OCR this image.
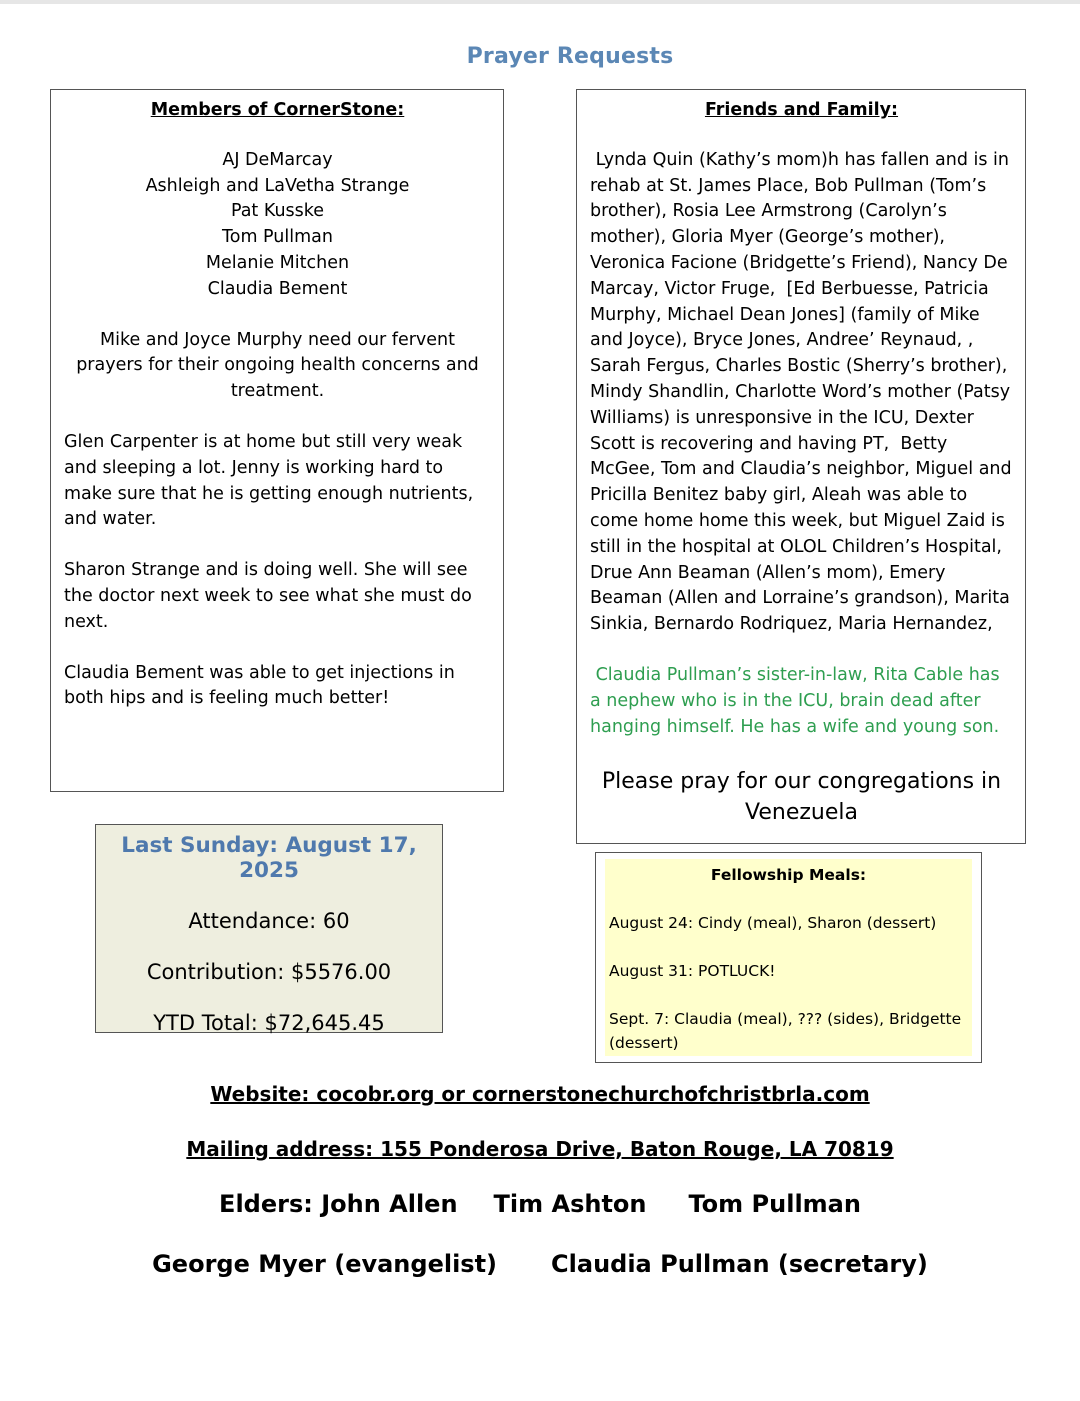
Prayer Requests
Members of CornerStone:
AJ DeMarcay
Ashleigh and LaVetha Strange
Pat Kusske
Tom Pullman
Melanie Mitchen
Claudia Bement
Mike and Joyce Murphy need our fervent prayers for their ongoing health concerns and treatment.
Glen Carpenter is at home but still very weak and sleeping a lot. Jenny is working hard to make sure that he is getting enough nutrients, and water.
Sharon Strange and is doing well. She will see the doctor next week to see what she must do next.
Claudia Bement was able to get injections in both hips and is feeling much better!
Friends and Family:
Lynda Quin (Kathy’s mom)h has fallen and is in rehab at St. James Place, Bob Pullman (Tom’s brother), Rosia Lee Armstrong (Carolyn’s mother), Gloria Myer (George’s mother), Veronica Facione (Bridgette’s Friend), Nancy De Marcay, Victor Fruge,  [Ed Berbuesse, Patricia Murphy, Michael Dean Jones] (family of Mike and Joyce), Bryce Jones, Andree’ Reynaud, , Sarah Fergus, Charles Bostic (Sherry’s brother), Mindy Shandlin, Charlotte Word’s mother (Patsy Williams) is unresponsive in the ICU, Dexter Scott is recovering and having PT,  Betty McGee, Tom and Claudia’s neighbor, Miguel and Pricilla Benitez baby girl, Aleah was able to come home home this week, but Miguel Zaid is still in the hospital at OLOL Children’s Hospital, Drue Ann Beaman (Allen’s mom), Emery Beaman (Allen and Lorraine’s grandson), Marita Sinkia, Bernardo Rodriquez, Maria Hernandez,
Claudia Pullman’s sister-in-law, Rita Cable has a nephew who is in the ICU, brain dead after hanging himself. He has a wife and young son.
Please pray for our congregations in Venezuela
Last Sunday: August 17, 2025
Attendance: 60
Contribution: $5576.00
YTD Total: $72,645.45
Fellowship Meals:
August 24: Cindy (meal), Sharon (dessert)
August 31: POTLUCK!
Sept. 7: Claudia (meal), ??? (sides), Bridgette (dessert)
Website: cocobr.org or cornerstonechurchofchristbrla.com
Mailing address: 155 Ponderosa Drive, Baton Rouge, LA 70819
Elders: John Allen Tim Ashton Tom Pullman
George Myer (evangelist) Claudia Pullman (secretary)
